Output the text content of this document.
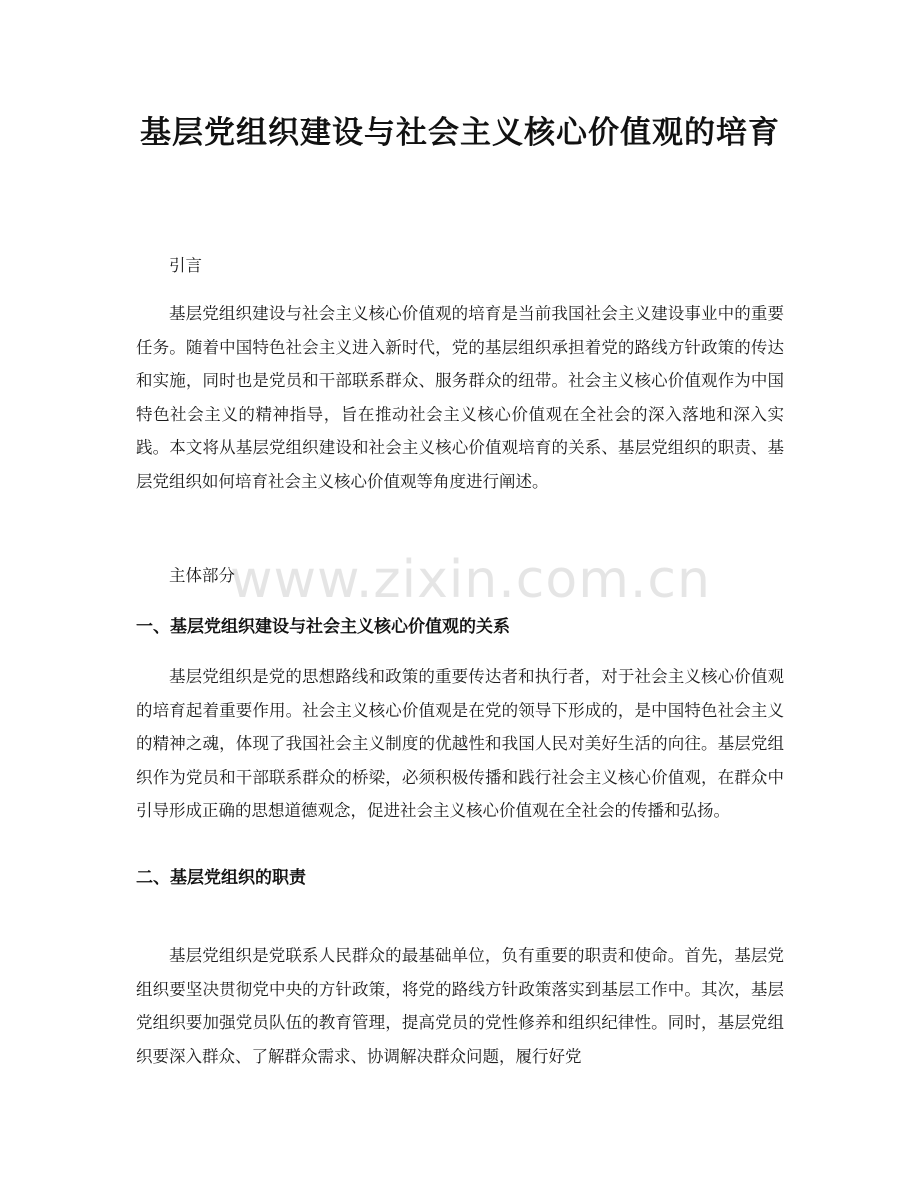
基层党组织建设与社会主义核心价值观的培育

引言

基层党组织建设与社会主义核心价值观的培育是当前我国社会主义建设事业中的重要任务。随着中国特色社会主义进入新时代，党的基层组织承担着党的路线方针政策的传达和实施，同时也是党员和干部联系群众、服务群众的纽带。社会主义核心价值观作为中国特色社会主义的精神指导，旨在推动社会主义核心价值观在全社会的深入落地和深入实践。本文将从基层党组织建设和社会主义核心价值观培育的关系、基层党组织的职责、基层党组织如何培育社会主义核心价值观等角度进行阐述。

主体部分

一、基层党组织建设与社会主义核心价值观的关系

基层党组织是党的思想路线和政策的重要传达者和执行者，对于社会主义核心价值观的培育起着重要作用。社会主义核心价值观是在党的领导下形成的，是中国特色社会主义的精神之魂，体现了我国社会主义制度的优越性和我国人民对美好生活的向往。基层党组织作为党员和干部联系群众的桥梁，必须积极传播和践行社会主义核心价值观，在群众中引导形成正确的思想道德观念，促进社会主义核心价值观在全社会的传播和弘扬。

二、基层党组织的职责

基层党组织是党联系人民群众的最基础单位，负有重要的职责和使命。首先，基层党组织要坚决贯彻党中央的方针政策，将党的路线方针政策落实到基层工作中。其次，基层党组织要加强党员队伍的教育管理，提高党员的党性修养和组织纪律性。同时，基层党组织要深入群众、了解群众需求、协调解决群众问题，履行好党

www.zixin.com.cn
